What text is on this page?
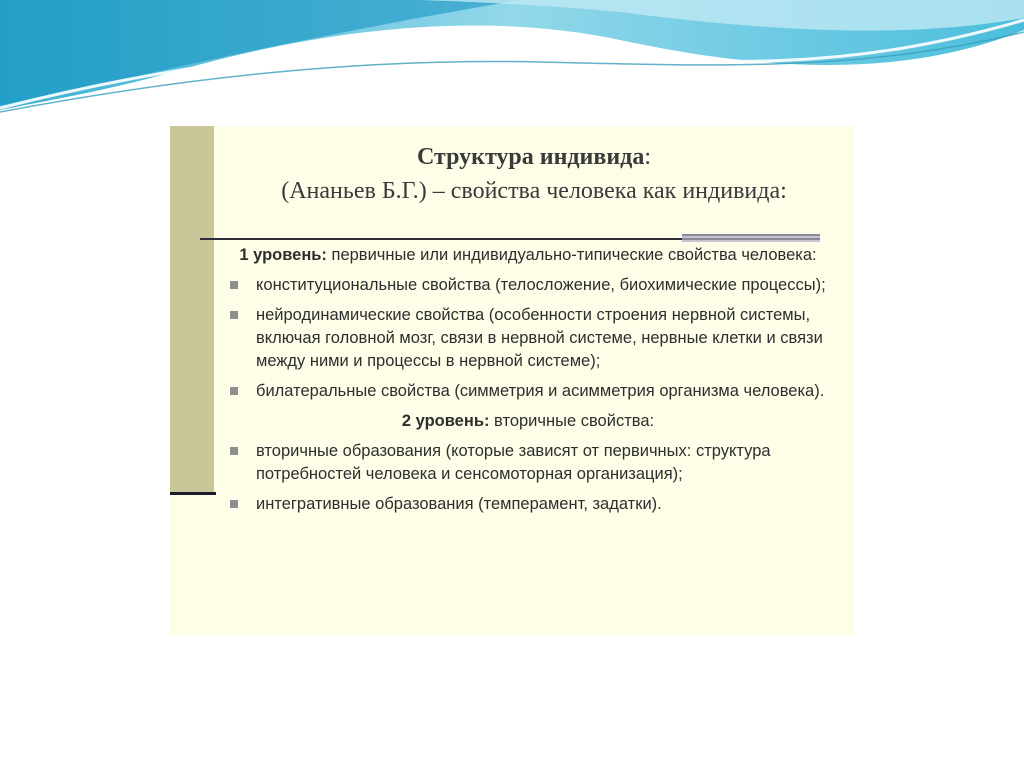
Структура индивида:
(Ананьев Б.Г.) – свойства человека как индивида:
1 уровень: первичные или индивидуально-типические свойства человека:
конституциональные свойства (телосложение, биохимические процессы);
нейродинамические свойства (особенности строения нервной системы, включая головной мозг, связи в нервной системе, нервные клетки и связи между ними и процессы в нервной системе);
билатеральные свойства (симметрия и асимметрия организма человека).
2 уровень: вторичные свойства:
вторичные образования (которые зависят от первичных: структура потребностей человека и сенсомоторная организация);
интегративные образования (темперамент, задатки).
